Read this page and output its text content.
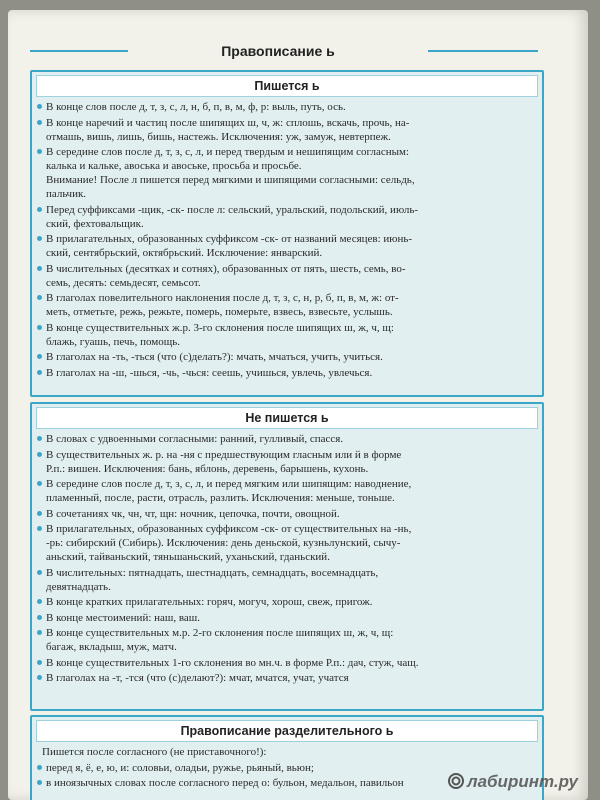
Правописание ь
Пишется ь
В конце слов после д, т, з, с, л, н, б, п, в, м, ф, р: выль, путь, ось.
В конце наречий и частиц после шипящих ш, ч, ж: сплошь, вскачь, прочь, на-
отмашь, вишь, лишь, бишь, настежь. Исключения: уж, замуж, невтерпеж.
В середине слов после д, т, з, с, л, и перед твердым и нешипящим согласным:
калька и кальке, авоська и авоське, просьба и просьбе.
Внимание! После л пишется перед мягкими и шипящими согласными: сельдь,
пальчик.
Перед суффиксами -щик, -ск- после л: сельский, уральский, подольский, июль-
ский, фехтовальщик.
В прилагательных, образованных суффиксом -ск- от названий месяцев: июнь-
ский, сентябрьский, октябрьский. Исключение: январский.
В числительных (десятках и сотнях), образованных от пять, шесть, семь, во-
семь, десять: семьдесят, семьсот.
В глаголах повелительного наклонения после д, т, з, с, н, р, б, п, в, м, ж: от-
меть, отметьте, режь, режьте, померь, померьте, взвесь, взвесьте, услышь.
В конце существительных ж.р. 3-го склонения после шипящих ш, ж, ч, щ:
блажь, гуашь, печь, помощь.
В глаголах на -ть, -ться (что (с)делать?): мчать, мчаться, учить, учиться.
В глаголах на -ш, -шься, -чь, -чься: сеешь, учишься, увлечь, увлечься.
Не пишется ь
В словах с удвоенными согласными: ранний, гулливый, спасся.
В существительных ж. р. на -ня с предшествующим гласным или й в форме
Р.п.: вишен. Исключения: бань, яблонь, деревень, барышень, кухонь.
В середине слов после д, т, з, с, л, и перед мягким или шипящим: наводнение,
пламенный, после, расти, отрасль, разлить. Исключения: меньше, тоньше.
В сочетаниях чк, чн, чт, щн: ночник, цепочка, почти, овощной.
В прилагательных, образованных суффиксом -ск- от существительных на -нь,
-рь: сибирский (Сибирь). Исключения: день деньской, кузньлунский, сычу-
аньский, тайваньский, тяньшаньский, уханьский, гданьский.
В числительных: пятнадцать, шестнадцать, семнадцать, восемнадцать,
девятнадцать.
В конце кратких прилагательных: горяч, могуч, хорош, свеж, пригож.
В конце местоимений: наш, ваш.
В конце существительных м.р. 2-го склонения после шипящих ш, ж, ч, щ:
багаж, вкладыш, муж, матч.
В конце существительных 1-го склонения во мн.ч. в форме Р.п.: дач, стуж, чащ.
В глаголах на -т, -тся (что (с)делают?): мчат, мчатся, учат, учатся
Правописание разделительного ь
Пишется после согласного (не приставочного!):
перед я, ё, е, ю, и: соловьи, оладьи, ружье, рьяный, вьюн;
в иноязычных словах после согласного перед о: бульон, медальон, павильон	лабиринт.ру
